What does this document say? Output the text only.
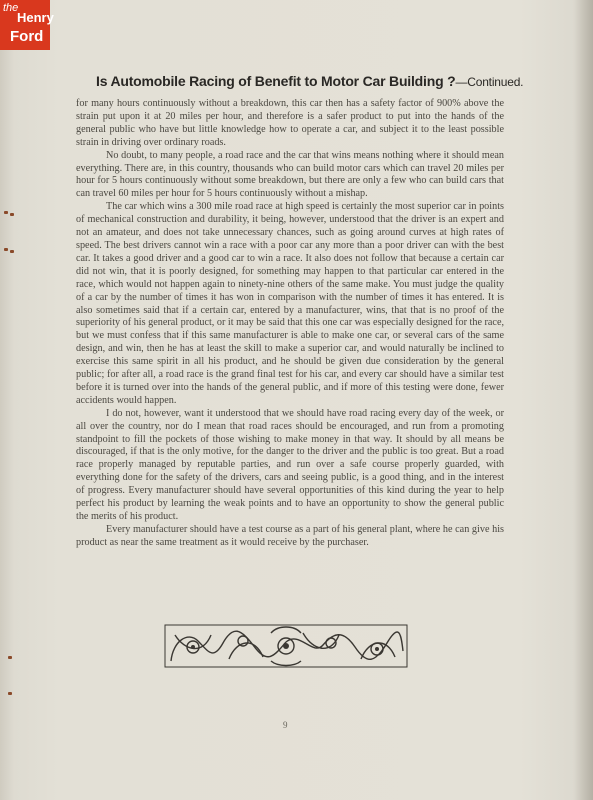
the
Henry
Ford
Is Automobile Racing of Benefit to Motor Car Building ?—Continued.

for many hours continuously without a breakdown, this car then has a safety factor of 900% above the strain put upon it at 20 miles per hour, and therefore is a safer product to put into the hands of the general public who have but little knowledge how to operate a car, and subject it to the least possible strain in driving over ordinary roads.

No doubt, to many people, a road race and the car that wins means nothing where it should mean everything. There are, in this country, thousands who can build motor cars which can travel 20 miles per hour for 5 hours continuously without some breakdown, but there are only a few who can build cars that can travel 60 miles per hour for 5 hours continuously without a mishap.

The car which wins a 300 mile road race at high speed is certainly the most superior car in points of mechanical construction and durability, it being, however, understood that the driver is an expert and not an amateur, and does not take unnecessary chances, such as going around curves at high rates of speed. The best drivers cannot win a race with a poor car any more than a poor driver can with the best car. It takes a good driver and a good car to win a race. It also does not follow that because a certain car did not win, that it is poorly designed, for something may happen to that particular car entered in the race, which would not happen again to ninety-nine others of the same make. You must judge the quality of a car by the number of times it has won in comparison with the number of times it has entered. It is also sometimes said that if a certain car, entered by a manufacturer, wins, that that is no proof of the superiority of his general product, or it may be said that this one car was especially designed for the race, but we must confess that if this same manufacturer is able to make one car, or several cars of the same design, and win, then he has at least the skill to make a superior car, and would naturally be inclined to exercise this same spirit in all his product, and he should be given due consideration by the general public; for after all, a road race is the grand final test for his car, and every car should have a similar test before it is turned over into the hands of the general public, and if more of this testing were done, fewer accidents would happen.

I do not, however, want it understood that we should have road racing every day of the week, or all over the country, nor do I mean that road races should be encouraged, and run from a promoting standpoint to fill the pockets of those wishing to make money in that way. It should by all means be discouraged, if that is the only motive, for the danger to the driver and the public is too great. But a road race properly managed by reputable parties, and run over a safe course properly guarded, with everything done for the safety of the drivers, cars and seeing public, is a good thing, and in the interest of progress. Every manufacturer should have several opportunities of this kind during the year to help perfect his product by learning the weak points and to have an opportunity to show the general public the merits of his product.

Every manufacturer should have a test course as a part of his general plant, where he can give his product as near the same treatment as it would receive by the purchaser.

9
